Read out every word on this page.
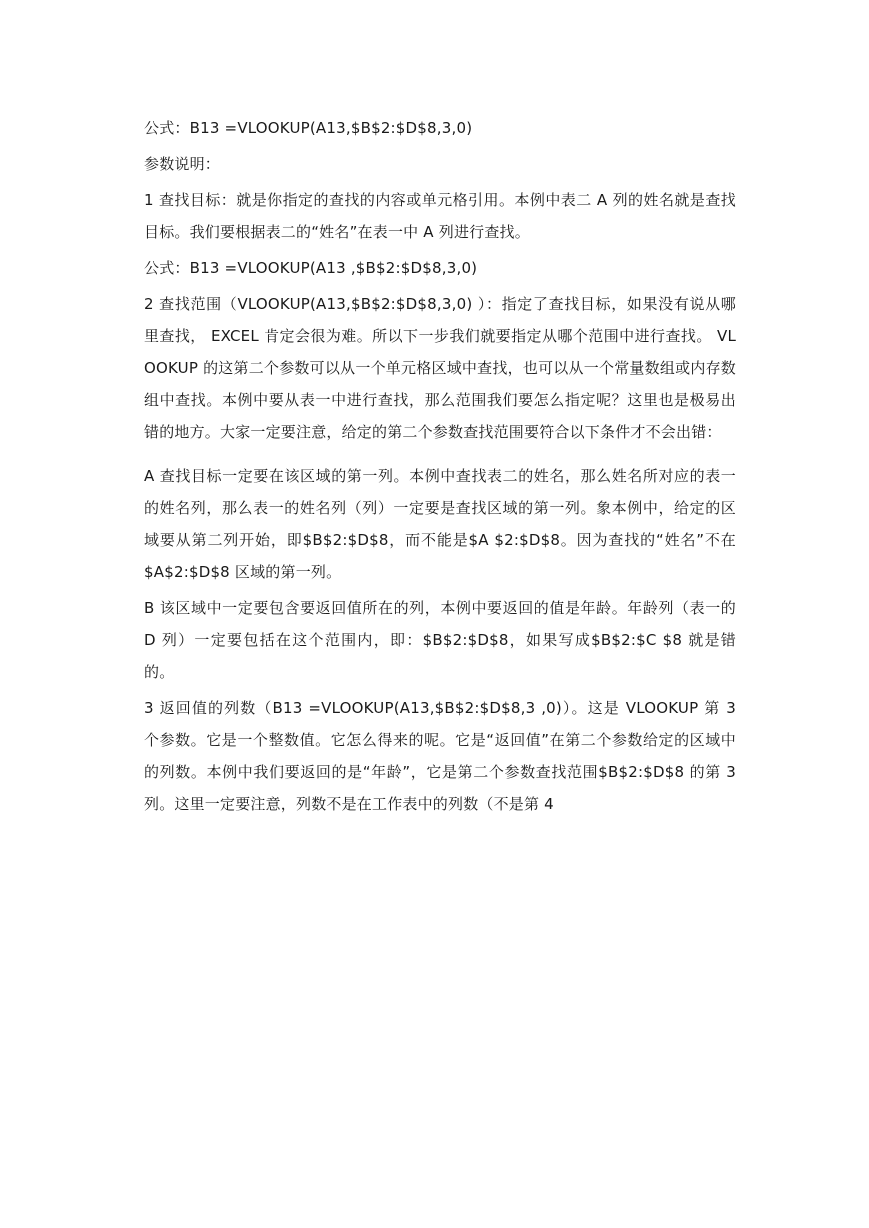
公式：B13 =VLOOKUP(A13,$B$2:$D$8,3,0)

参数说明：

1 查找目标：就是你指定的查找的内容或单元格引用。本例中表二 A 列的姓名就是查找目标。我们要根据表二的“姓名”在表一中 A 列进行查找。

公式：B13 =VLOOKUP(A13 ,$B$2:$D$8,3,0)

2 查找范围（VLOOKUP(A13,$B$2:$D$8,3,0) ）：指定了查找目标，如果没有说从哪里查找， EXCEL 肯定会很为难。所以下一步我们就要指定从哪个范围中进行查找。 VLOOKUP 的这第二个参数可以从一个单元格区域中查找，也可以从一个常量数组或内存数组中查找。本例中要从表一中进行查找，那么范围我们要怎么指定呢？这里也是极易出错的地方。大家一定要注意，给定的第二个参数查找范围要符合以下条件才不会出错：

A 查找目标一定要在该区域的第一列。本例中查找表二的姓名，那么姓名所对应的表一的姓名列，那么表一的姓名列（列）一定要是查找区域的第一列。象本例中，给定的区域要从第二列开始，即$B$2:$D$8，而不能是$A $2:$D$8。因为查找的“姓名”不在$A$2:$D$8 区域的第一列。

B 该区域中一定要包含要返回值所在的列，本例中要返回的值是年龄。年龄列（表一的 D 列）一定要包括在这个范围内，即：$B$2:$D$8，如果写成$B$2:$C $8 就是错的。

3 返回值的列数（B13 =VLOOKUP(A13,$B$2:$D$8,3 ,0)）。这是 VLOOKUP 第 3 个参数。它是一个整数值。它怎么得来的呢。它是“返回值”在第二个参数给定的区域中的列数。本例中我们要返回的是“年龄”，它是第二个参数查找范围$B$2:$D$8 的第 3 列。这里一定要注意，列数不是在工作表中的列数（不是第 4
